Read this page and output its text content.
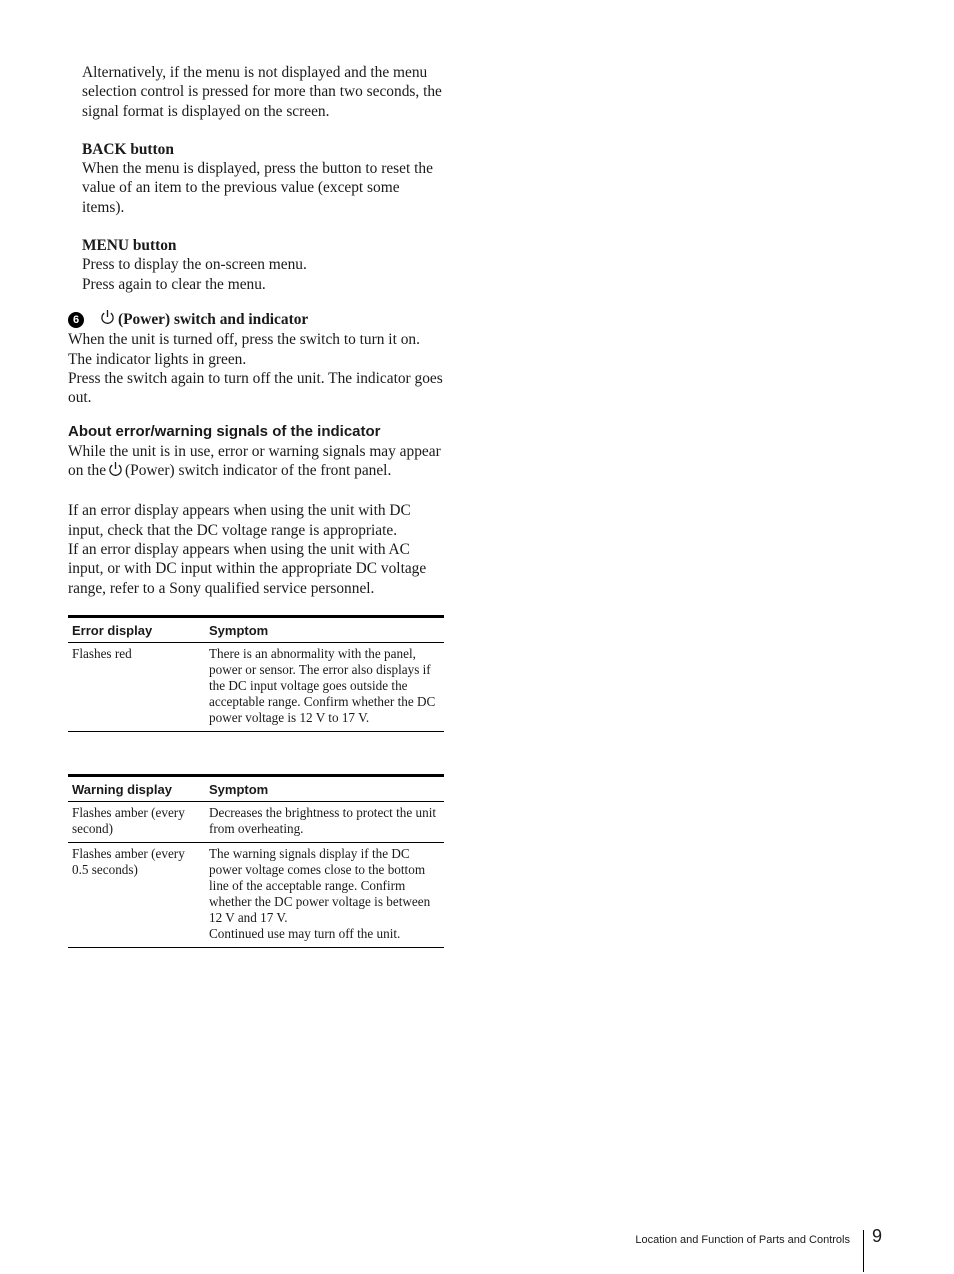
Alternatively, if the menu is not displayed and the menu selection control is pressed for more than two seconds, the signal format is displayed on the screen.

BACK button

When the menu is displayed, press the button to reset the value of an item to the previous value (except some items).

MENU button

Press to display the on-screen menu.

Press again to clear the menu.

6	(Power) switch and indicator

When the unit is turned off, press the switch to turn it on. The indicator lights in green.

Press the switch again to turn off the unit. The indicator goes out.

About error/warning signals of the indicator

While the unit is in use, error or warning signals may appear on the (Power) switch indicator of the front panel.

If an error display appears when using the unit with DC input, check that the DC voltage range is appropriate.

If an error display appears when using the unit with AC input, or with DC input within the appropriate DC voltage range, refer to a Sony qualified service personnel.

Error display	Symptom
Flashes red	There is an abnormality with the panel, power or sensor. The error also displays if the DC input voltage goes outside the acceptable range. Confirm whether the DC power voltage is 12 V to 17 V.
Warning display	Symptom
Flashes amber (every second)	Decreases the brightness to protect the unit from overheating.
Flashes amber (every 0.5 seconds)	The warning signals display if the DC power voltage comes close to the bottom line of the acceptable range. Confirm whether the DC power voltage is between 12 V and 17 V.
Continued use may turn off the unit.
Location and Function of Parts and Controls 9
